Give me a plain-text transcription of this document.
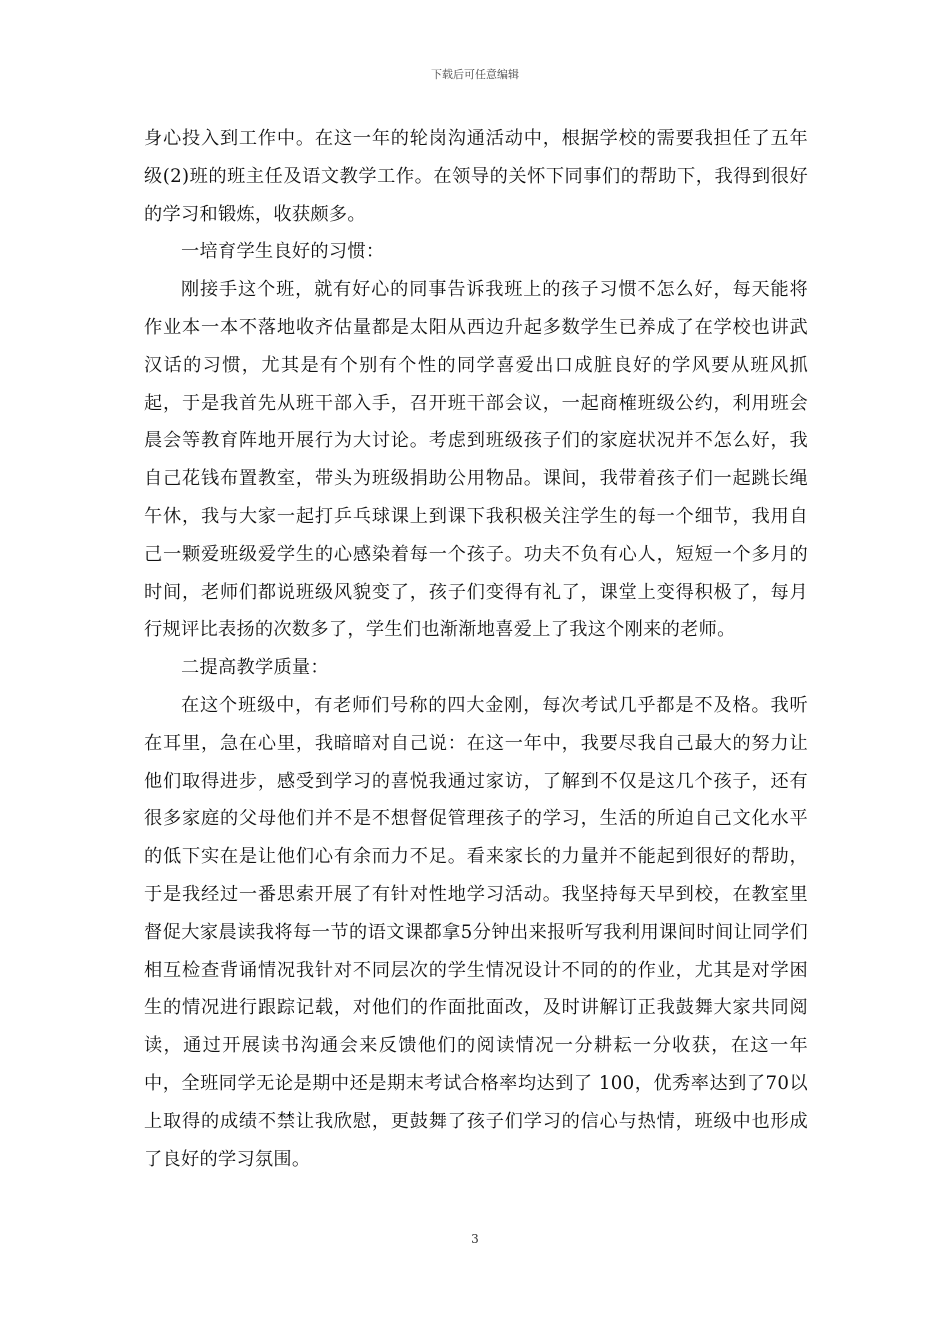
下载后可任意编辑

身心投入到工作中。在这一年的轮岗沟通活动中，根据学校的需要我担任了五年级(2)班的班主任及语文教学工作。在领导的关怀下同事们的帮助下，我得到很好的学习和锻炼，收获颇多。

一培育学生良好的习惯：

刚接手这个班，就有好心的同事告诉我班上的孩子习惯不怎么好，每天能将作业本一本不落地收齐估量都是太阳从西边升起多数学生已养成了在学校也讲武汉话的习惯，尤其是有个别有个性的同学喜爱出口成脏良好的学风要从班风抓起，于是我首先从班干部入手，召开班干部会议，一起商榷班级公约，利用班会晨会等教育阵地开展行为大讨论。考虑到班级孩子们的家庭状况并不怎么好，我自己花钱布置教室，带头为班级捐助公用物品。课间，我带着孩子们一起跳长绳午休，我与大家一起打乒乓球课上到课下我积极关注学生的每一个细节，我用自己一颗爱班级爱学生的心感染着每一个孩子。功夫不负有心人，短短一个多月的时间，老师们都说班级风貌变了，孩子们变得有礼了，课堂上变得积极了，每月行规评比表扬的次数多了，学生们也渐渐地喜爱上了我这个刚来的老师。

二提高教学质量：

在这个班级中，有老师们号称的四大金刚，每次考试几乎都是不及格。我听在耳里，急在心里，我暗暗对自己说：在这一年中，我要尽我自己最大的努力让他们取得进步，感受到学习的喜悦我通过家访，了解到不仅是这几个孩子，还有很多家庭的父母他们并不是不想督促管理孩子的学习，生活的所迫自己文化水平的低下实在是让他们心有余而力不足。看来家长的力量并不能起到很好的帮助，于是我经过一番思索开展了有针对性地学习活动。我坚持每天早到校，在教室里督促大家晨读我将每一节的语文课都拿5分钟出来报听写我利用课间时间让同学们相互检查背诵情况我针对不同层次的学生情况设计不同的的作业，尤其是对学困生的情况进行跟踪记载，对他们的作面批面改，及时讲解订正我鼓舞大家共同阅读，通过开展读书沟通会来反馈他们的阅读情况一分耕耘一分收获，在这一年中，全班同学无论是期中还是期末考试合格率均达到了 100，优秀率达到了70以上取得的成绩不禁让我欣慰，更鼓舞了孩子们学习的信心与热情，班级中也形成了良好的学习氛围。

3
